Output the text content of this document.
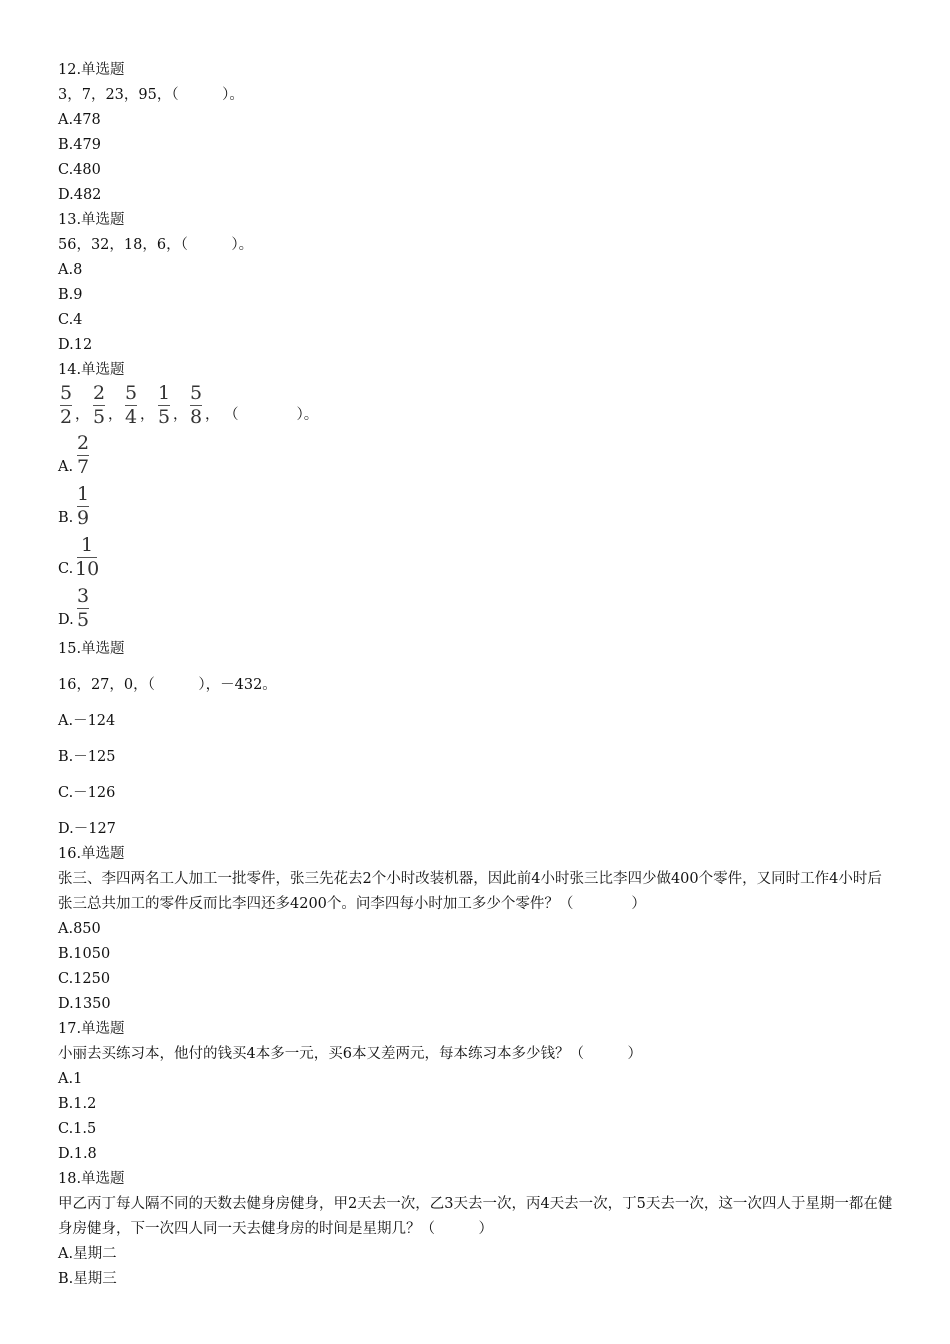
12.单选题
3，7，23，95，（　　　）。
A.478
B.479
C.480
D.482
13.单选题
56，32，18，6，（　　　）。
A.8
B.9
C.4
D.12
14.单选题
5
2 ，
2
5 ，
5
4 ，
1
5 ，
5
8 ， （　　　　）。
A.
2
7
B.
1
9
C.
1
10
D.
3
5
15.单选题
16，27，0，（　　　），－432。
A.－124
B.－125
C.－126
D.－127
16.单选题
张三、李四两名工人加工一批零件，张三先花去2个小时改装机器，因此前4小时张三比李四少做400个零件，又同时工作4小时后张三总共加工的零件反而比李四还多4200个。问李四每小时加工多少个零件？（　　　　）
A.850
B.1050
C.1250
D.1350
17.单选题
小丽去买练习本，他付的钱买4本多一元，买6本又差两元，每本练习本多少钱？（　　　）
A.1
B.1.2
C.1.5
D.1.8
18.单选题
甲乙丙丁每人隔不同的天数去健身房健身，甲2天去一次，乙3天去一次，丙4天去一次，丁5天去一次，这一次四人于星期一都在健身房健身，下一次四人同一天去健身房的时间是星期几？（　　　）
A.星期二
B.星期三
